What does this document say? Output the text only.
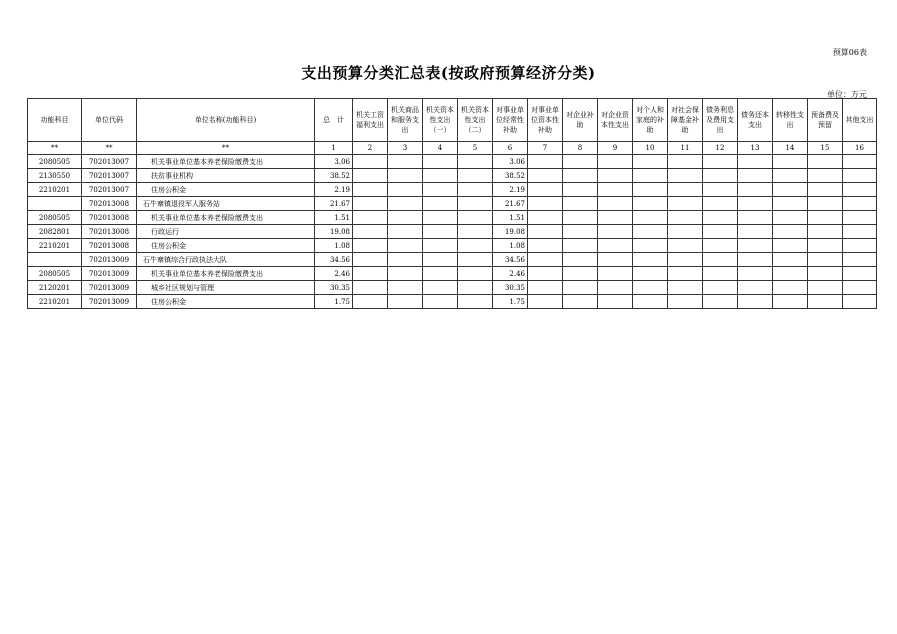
预算06表
支出预算分类汇总表(按政府预算经济分类)
单位：万元
功能科目	单位代码	单位名称(功能科目)	总　计	机关工资福利支出	机关商品和服务支出	机关资本性支出（一）	机关资本性支出（二）	对事业单位经常性补助	对事业单位资本性补助	对企业补助	对企业资本性支出	对个人和家庭的补助	对社会保障基金补助	债务利息及费用支出	债务还本支出	转移性支出	预备费及预留	其他支出
**	**	**	1	2	3	4	5	6	7	8	9	10	11	12	13	14	15	16
2080505	702013007	机关事业单位基本养老保险缴费支出	3.06					3.06										
2130550	702013007	扶贫事业机构	38.52					38.52										
2210201	702013007	住房公积金	2.19					2.19										
	702013008	石牛寨镇退役军人服务站	21.67					21.67										
2080505	702013008	机关事业单位基本养老保险缴费支出	1.51					1.51										
2082801	702013008	行政运行	19.08					19.08										
2210201	702013008	住房公积金	1.08					1.08										
	702013009	石牛寨镇综合行政执法大队	34.56					34.56										
2080505	702013009	机关事业单位基本养老保险缴费支出	2.46					2.46										
2120201	702013009	城乡社区规划与管理	30.35					30.35										
2210201	702013009	住房公积金	1.75					1.75										
